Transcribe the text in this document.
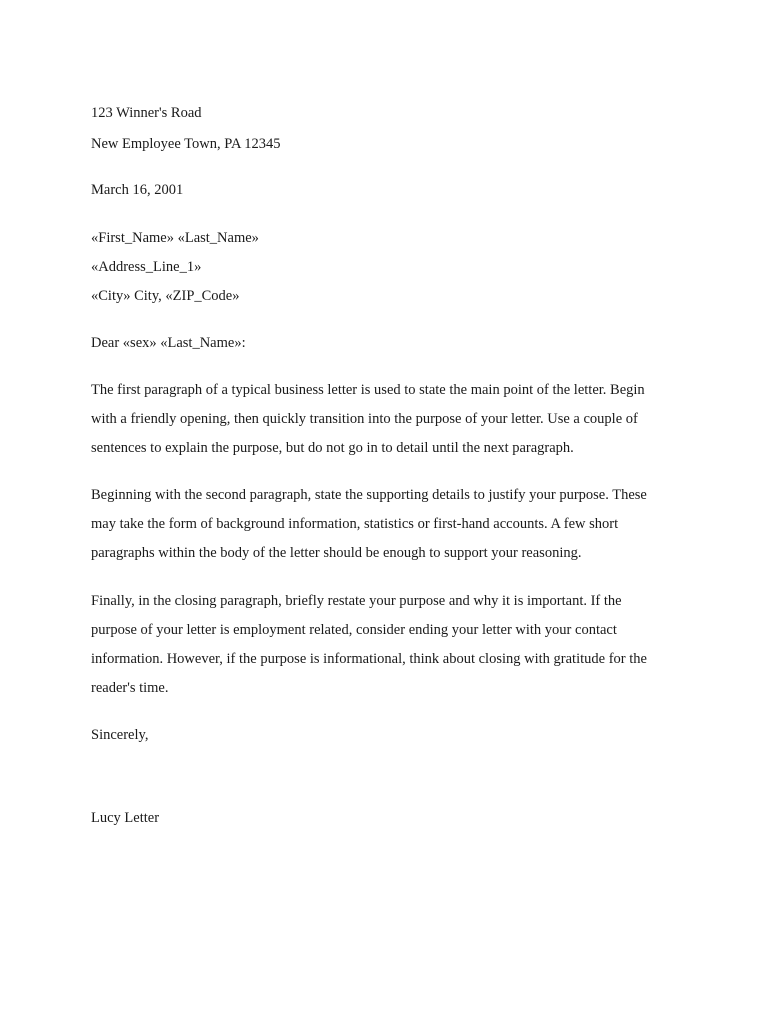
123 Winner's Road
New Employee Town, PA 12345
March 16, 2001
«First_Name» «Last_Name»
«Address_Line_1»
«City» City, «ZIP_Code»
Dear «sex» «Last_Name»:
The first paragraph of a typical business letter is used to state the main point of the letter. Begin
with a friendly opening, then quickly transition into the purpose of your letter. Use a couple of
sentences to explain the purpose, but do not go in to detail until the next paragraph.
Beginning with the second paragraph, state the supporting details to justify your purpose. These
may take the form of background information, statistics or first-hand accounts. A few short
paragraphs within the body of the letter should be enough to support your reasoning.
Finally, in the closing paragraph, briefly restate your purpose and why it is important. If the
purpose of your letter is employment related, consider ending your letter with your contact
information. However, if the purpose is informational, think about closing with gratitude for the
reader's time.
Sincerely,
Lucy Letter
